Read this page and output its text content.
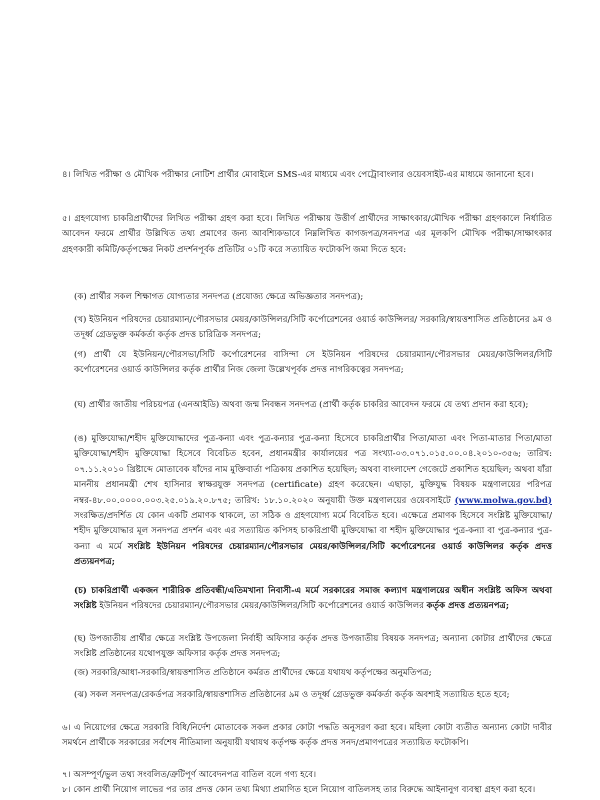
৪। লিখিত পরীক্ষা ও মৌখিক পরীক্ষার নোটিশ প্রার্থীর মোবাইলে SMS-এর মাধ্যমে এবং পেট্রোবাংলার ওয়েবসাইট-এর মাধ্যমে জানানো হবে।
৫। গ্রহণযোগ্য চাকরিপ্রার্থীদের লিখিত পরীক্ষা গ্রহণ করা হবে। লিখিত পরীক্ষায় উত্তীর্ণ প্রার্থীদের সাক্ষাৎকার/মৌখিক পরীক্ষা গ্রহণকালে নির্ধারিত আবেদন ফরমে প্রার্থীর উল্লিখিত তথ্য প্রমাণের জন্য আবশ্যিকভাবে নিম্নলিখিত কাগজপত্র/সনদপত্র এর মূলকপি মৌখিক পরীক্ষা/সাক্ষাৎকার গ্রহণকারী কমিটি/কর্তৃপক্ষের নিকট প্রদর্শনপূর্বক প্রতিটির ০১টি করে সত্যায়িত ফটোকপি জমা দিতে হবে:
(ক) প্রার্থীর সকল শিক্ষাগত যোগ্যতার সনদপত্র (প্রযোজ্য ক্ষেত্রে অভিজ্ঞতার সনদপত্র);
(খ) ইউনিয়ন পরিষদের চেয়ারম্যান/পৌরসভার মেয়র/কাউন্সিলর/সিটি কর্পোরেশনের ওয়ার্ড কাউন্সিলর/ সরকারি/স্বায়ত্তশাসিত প্রতিষ্ঠানের ৯ম ও তদূর্ধ্ব গ্রেডভুক্ত কর্মকর্তা কর্তৃক প্রদত্ত চারিত্রিক সনদপত্র;
(গ) প্রার্থী যে ইউনিয়ন/পৌরসভা/সিটি কর্পোরেশনের বাসিন্দা সে ইউনিয়ন পরিষদের চেয়ারম্যান/পৌরসভার মেয়র/কাউন্সিলর/সিটি কর্পোরেশনের ওয়ার্ড কাউন্সিলর কর্তৃক প্রার্থীর নিজ জেলা উল্লেখপূর্বক প্রদত্ত নাগরিকত্বের সনদপত্র;
(ঘ) প্রার্থীর জাতীয় পরিচয়পত্র (এনআইডি) অথবা জন্ম নিবন্ধন সনদপত্র (প্রার্থী কর্তৃক চাকরির আবেদন ফরমে যে তথ্য প্রদান করা হবে);
(ঙ) মুক্তিযোদ্ধা/শহীদ মুক্তিযোদ্ধাদের পুত্র-কন্যা এবং পুত্র-কন্যার পুত্র-কন্যা হিসেবে চাকরিপ্রার্থীর পিতা/মাতা এবং পিতা-মাতার পিতা/মাতা মুক্তিযোদ্ধা/শহীদ মুক্তিযোদ্ধা হিসেবে বিবেচিত হবেন, প্রধানমন্ত্রীর কার্যালয়ের পত্র সংখ্যা-০৩.০৭১.০১৫.০০.০৪.২০১০-৩৫৬; তারিখ: ০৭.১১.২০১০ খ্রিষ্টাব্দে মোতাবেক যাঁদের নাম মুক্তিবার্তা পত্রিকায় প্রকাশিত হয়েছিল; অথবা বাংলাদেশ গেজেটে প্রকাশিত হয়েছিল; অথবা যাঁরা মাননীয় প্রধানমন্ত্রী শেখ হাসিনার স্বাক্ষরযুক্ত সনদপত্র (certificate) গ্রহণ করেছেন। এছাড়া, মুক্তিযুদ্ধ বিষয়ক মন্ত্রণালয়ের পরিপত্র নম্বর-৪৮.০০.০০০০.০০৩.২৫.০১৯.২০.৮৭৫; তারিখ: ১৮.১০.২০২০ অনুযায়ী উক্ত মন্ত্রণালয়ের ওয়েবসাইটে (www.molwa.gov.bd) সংরক্ষিত/প্রদর্শিত যে কোন একটি প্রমাণক থাকলে, তা সঠিক ও গ্রহণযোগ্য মর্মে বিবেচিত হবে। এক্ষেত্রে প্রমাণক হিসেবে সংশ্লিষ্ট মুক্তিযোদ্ধা/শহীদ মুক্তিযোদ্ধার মূল সনদপত্র প্রদর্শন এবং এর সত্যায়িত কপিসহ চাকরিপ্রার্থী মুক্তিযোদ্ধা বা শহীদ মুক্তিযোদ্ধার পুত্র-কন্যা বা পুত্র-কন্যার পুত্র-কন্যা এ মর্মে সংশ্লিষ্ট ইউনিয়ন পরিষদের চেয়ারম্যান/পৌরসভার মেয়র/কাউন্সিলর/সিটি কর্পোরেশনের ওয়ার্ড কাউন্সিলর কর্তৃক প্রদত্ত প্রত্যয়নপত্র;
(চ) চাকরিপ্রার্থী একজন শারীরিক প্রতিবন্ধী/এতিমখানা নিবাসী-এ মর্মে সরকারের সমাজ কল্যাণ মন্ত্রণালয়ের অধীন সংশ্লিষ্ট অফিস অথবা সংশ্লিষ্ট ইউনিয়ন পরিষদের চেয়ারম্যান/পৌরসভার মেয়র/কাউন্সিলর/সিটি কর্পোরেশনের ওয়ার্ড কাউন্সিলর কর্তৃক প্রদত্ত প্রত্যয়নপত্র;
(ছ) উপজাতীয় প্রার্থীর ক্ষেত্রে সংশ্লিষ্ট উপজেলা নির্বাহী অফিসার কর্তৃক প্রদত্ত উপজাতীয় বিষয়ক সনদপত্র; অন্যান্য কোটার প্রার্থীদের ক্ষেত্রে সংশ্লিষ্ট প্রতিষ্ঠানের যথোপযুক্ত অফিসার কর্তৃক প্রদত্ত সনদপত্র;
(জ) সরকারি/আধা-সরকারি/স্বায়ত্তশাসিত প্রতিষ্ঠানে কর্মরত প্রার্থীদের ক্ষেত্রে যথাযথ কর্তৃপক্ষের অনুমতিপত্র;
(ঝ) সকল সনদপত্র/রেকর্ডপত্র সরকারি/স্বায়ত্তশাসিত প্রতিষ্ঠানের ৯ম ও তদূর্ধ্ব গ্রেডভুক্ত কর্মকর্তা কর্তৃক অবশ্যই সত্যায়িত হতে হবে;
৬। এ নিয়োগের ক্ষেত্রে সরকারি বিধি/নির্দেশ মোতাবেক সকল প্রকার কোটা পদ্ধতি অনুসরণ করা হবে। মহিলা কোটা ব্যতীত অন্যান্য কোটা দাবীর সমর্থনে প্রার্থীকে সরকারের সর্বশেষ নীতিমালা অনুযায়ী যথাযথ কর্তৃপক্ষ কর্তৃক প্রদত্ত সনদ/প্রমাণপত্রের সত্যায়িত ফটোকপি।
৭। অসম্পূর্ণ/ভুল তথ্য সংবলিত/ত্রুটিপূর্ণ আবেদনপত্র বাতিল বলে গণ্য হবে।
৮। কোন প্রার্থী নিয়োগ লাভের পর তার প্রদত্ত কোন তথ্য মিথ্যা প্রমাণিত হলে নিয়োগ বাতিলসহ তার বিরুদ্ধে আইনানুগ ব্যবস্থা গ্রহণ করা হবে।
